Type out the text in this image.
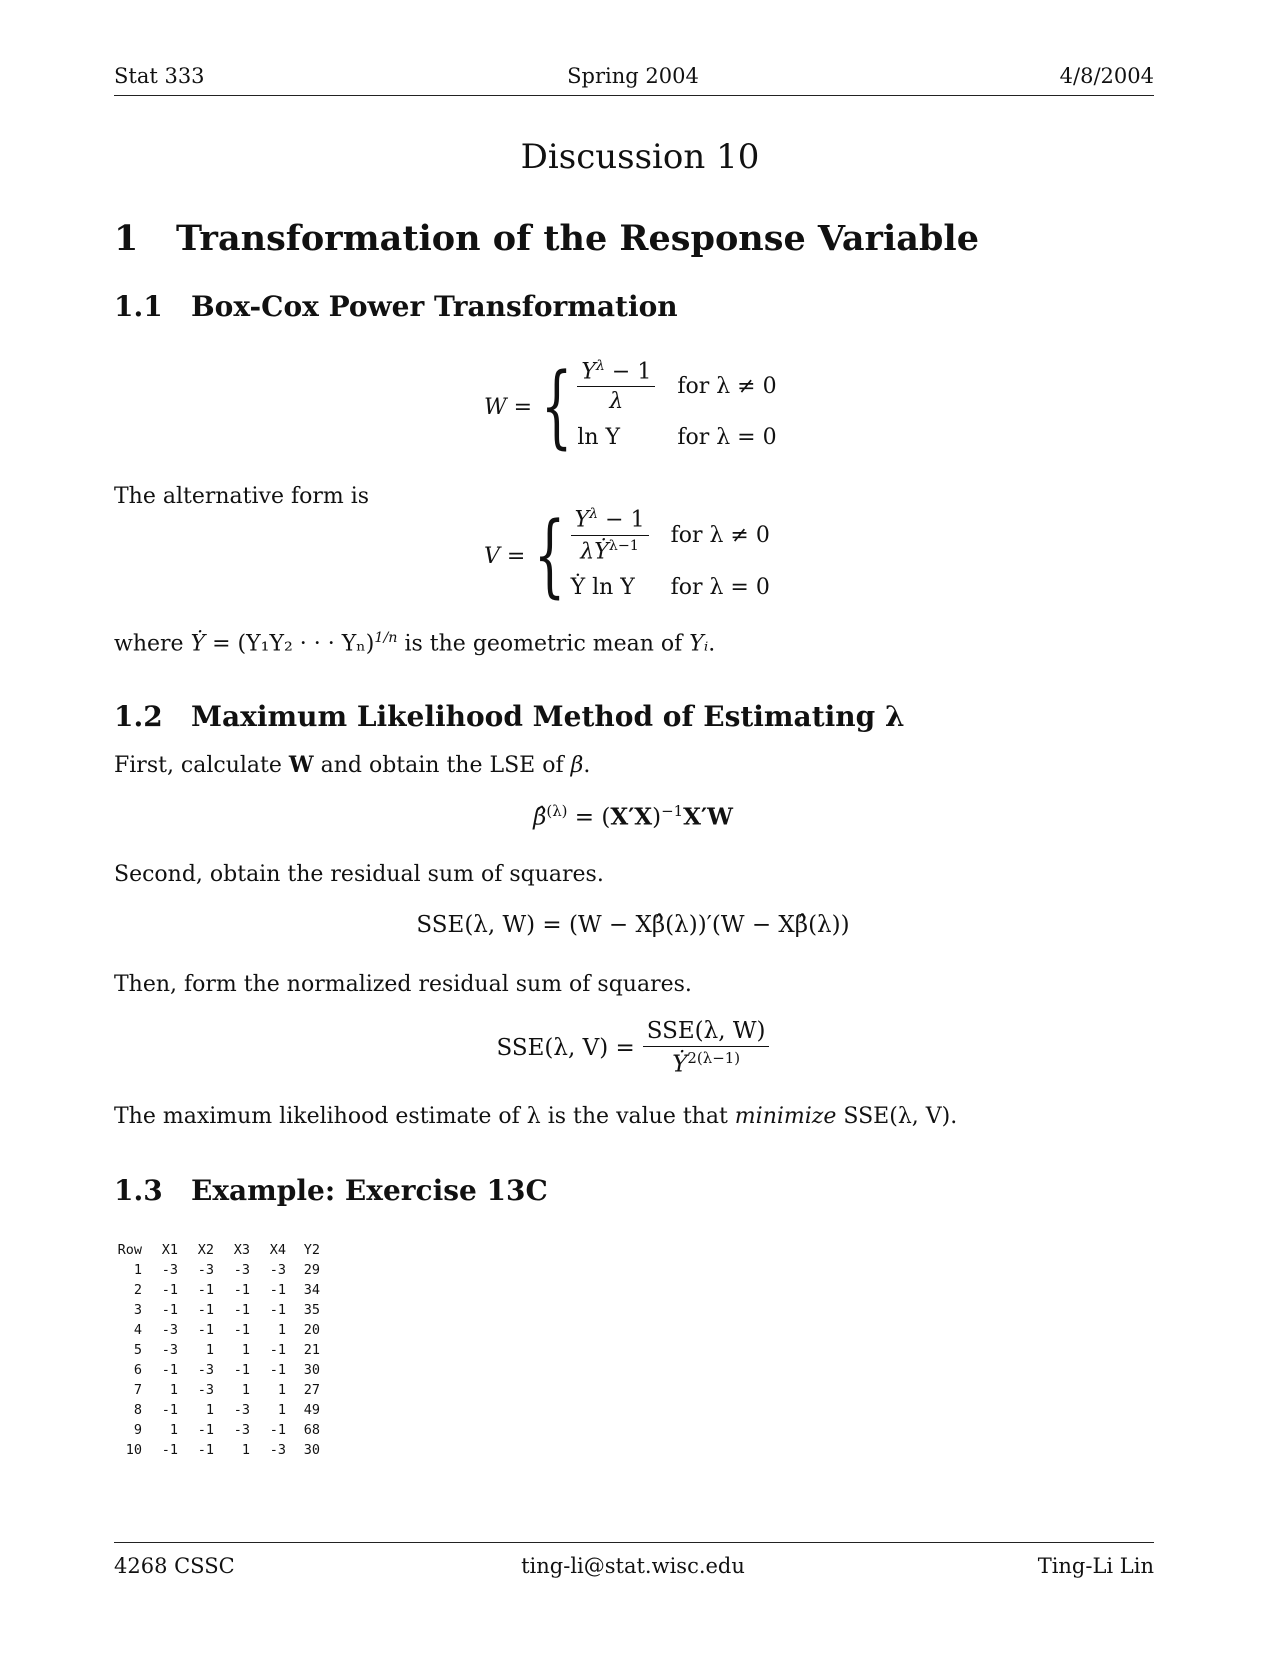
Stat 333	Spring 2004	4/8/2004
Discussion 10
1 Transformation of the Response Variable
1.1 Box-Cox Power Transformation
W = { $\frac{Y^\lambda - 1}{\lambda}$ for λ ≠ 0
ln Y	for λ = 0
The alternative form is
V = { $\frac{Y^\lambda - 1}{\lambda Ẏ^{\lambda-1}}$ for λ ≠ 0
Ẏ ln Y	for λ = 0
where Ẏ = (Y₁Y₂ · · · Yₙ)$^{1/n}$ is the geometric mean of Yᵢ.
1.2 Maximum Likelihood Method of Estimating λ
First, calculate W and obtain the LSE of β.
β̂$^{(\lambda)}$ = $(X'X)^{-1}X'W$
Second, obtain the residual sum of squares.
SSE(λ, W) = (W − Xβ̂(λ))′(W − Xβ̂(λ))
Then, form the normalized residual sum of squares.
SSE(λ, $V) = \frac{\text{SSE(λ, W)}}{Ẏ^{2(\lambda-1)}}$
The maximum likelihood estimate of λ is the value that minimize SSE(λ, V).
1.3 Example: Exercise 13C
Row	X1	X2	X3	X4	Y2
1	-3	-3	-3	-3	29
2	-1	-1	-1	-1	34
3	-1	-1	-1	-1	35
4	-3	-1	-1	1	20
5	-3	1	1	-1	21
6	-1	-3	-1	-1	30
7	1	-3	1	1	27
8	-1	1	-3	1	49
9	1	-1	-3	-1	68
10	-1	-1	1	-3	30
4268 CSSC	ting-li@stat.wisc.edu	Ting-Li Lin
